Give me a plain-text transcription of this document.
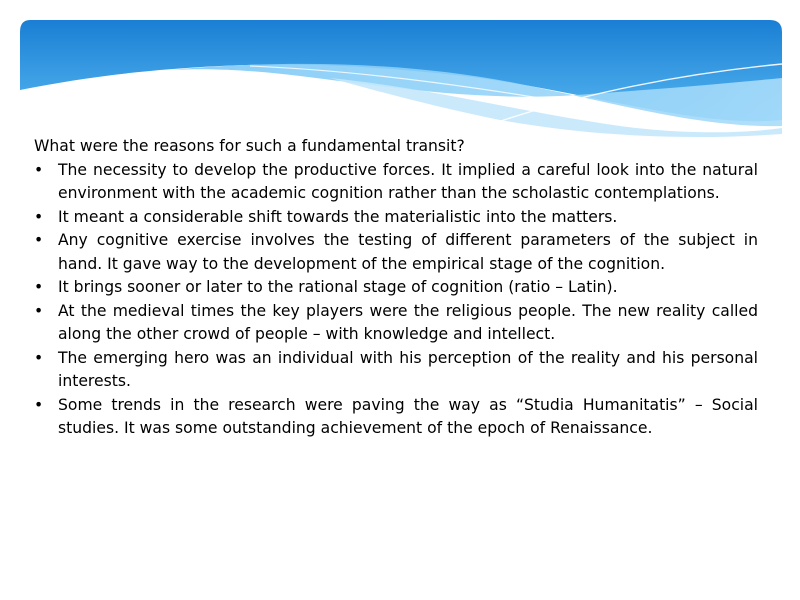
What were the reasons for such a fundamental transit?

• The necessity to develop the productive forces. It implied a careful look into the natural environment with the academic cognition rather than the scholastic contemplations.
• It meant a considerable shift towards the materialistic into the matters.
• Any cognitive exercise involves the testing of different parameters of the subject in hand. It gave way to the development of the empirical stage of the cognition.
• It brings sooner or later to the rational stage of cognition (ratio – Latin).
• At the medieval times the key players were the religious people. The new reality called along the other crowd of people – with knowledge and intellect.
• The emerging hero was an individual with his perception of the reality and his personal interests.
• Some trends in the research were paving the way as “Studia Humanitatis” – Social studies. It was some outstanding achievement of the epoch of Renaissance.
